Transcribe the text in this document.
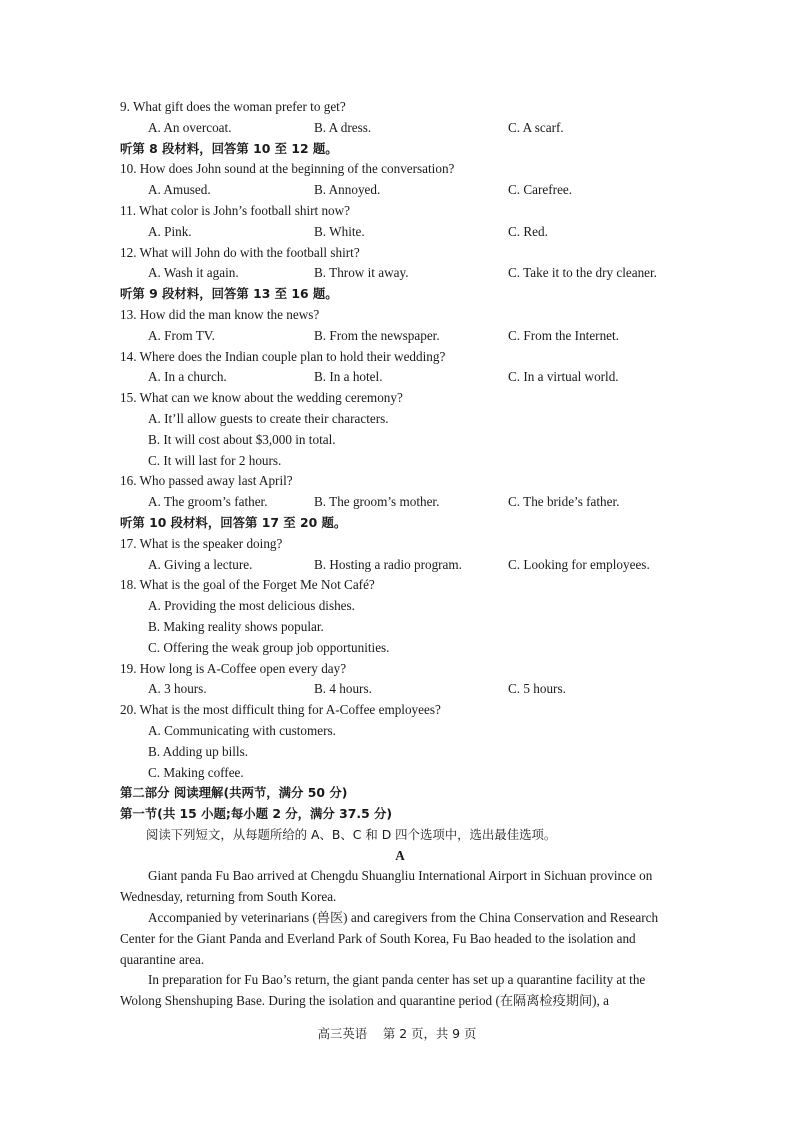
9. What gift does the woman prefer to get?
A. An overcoat.	B. A dress.	C. A scarf.
听第 8 段材料，回答第 10 至 12 题。
10. How does John sound at the beginning of the conversation?
A. Amused.	B. Annoyed.	C. Carefree.
11. What color is John’s football shirt now?
A. Pink.	B. White.	C. Red.
12. What will John do with the football shirt?
A. Wash it again.	B. Throw it away.	C. Take it to the dry cleaner.
听第 9 段材料，回答第 13 至 16 题。
13. How did the man know the news?
A. From TV.	B. From the newspaper.	C. From the Internet.
14. Where does the Indian couple plan to hold their wedding?
A. In a church.	B. In a hotel.	C. In a virtual world.
15. What can we know about the wedding ceremony?
A. It’ll allow guests to create their characters.
B. It will cost about $3,000 in total.
C. It will last for 2 hours.
16. Who passed away last April?
A. The groom’s father.	B. The groom’s mother.	C. The bride’s father.
听第 10 段材料，回答第 17 至 20 题。
17. What is the speaker doing?
A. Giving a lecture.	B. Hosting a radio program.	C. Looking for employees.
18. What is the goal of the Forget Me Not Café?
A. Providing the most delicious dishes.
B. Making reality shows popular.
C. Offering the weak group job opportunities.
19. How long is A-Coffee open every day?
A. 3 hours.	B. 4 hours.	C. 5 hours.
20. What is the most difficult thing for A-Coffee employees?
A. Communicating with customers.
B. Adding up bills.
C. Making coffee.
第二部分 阅读理解(共两节，满分 50 分)
第一节(共 15 小题;每小题 2 分，满分 37.5 分)
阅读下列短文，从每题所给的 A、B、C 和 D 四个选项中，选出最佳选项。
A
Giant panda Fu Bao arrived at Chengdu Shuangliu International Airport in Sichuan province on Wednesday, returning from South Korea.
Accompanied by veterinarians (兽医) and caregivers from the China Conservation and Research Center for the Giant Panda and Everland Park of South Korea, Fu Bao headed to the isolation and quarantine area.
In preparation for Fu Bao’s return, the giant panda center has set up a quarantine facility at the Wolong Shenshuping Base. During the isolation and quarantine period (在隔离检疫期间), a
高三英语 第 2 页，共 9 页
